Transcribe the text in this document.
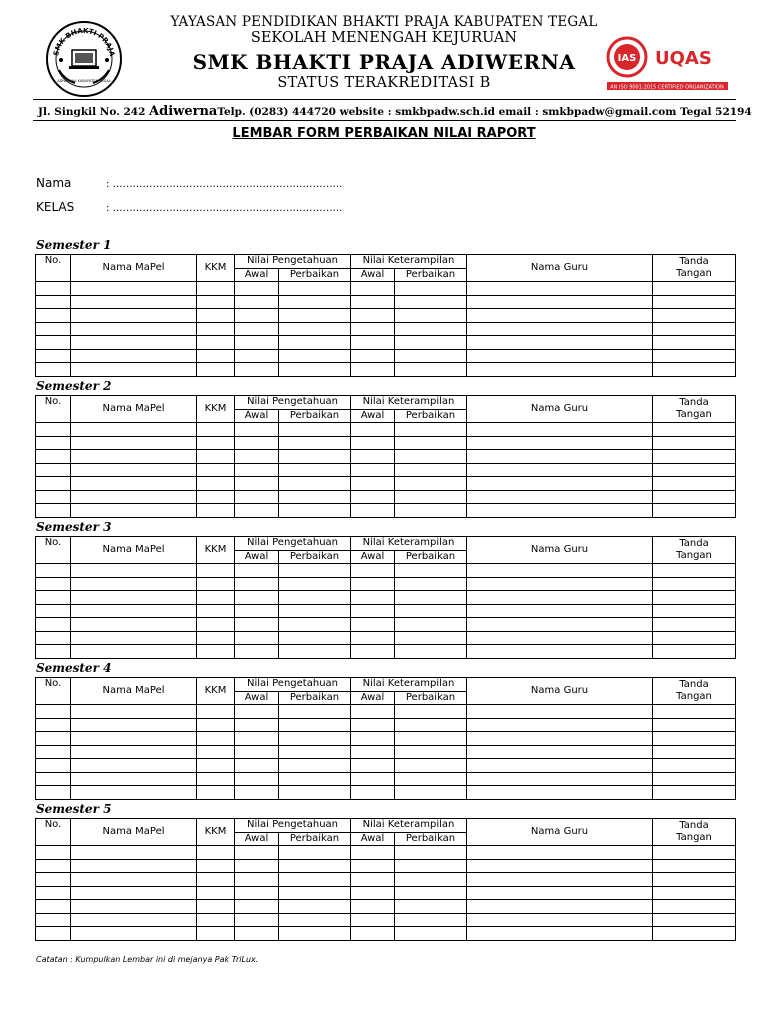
SMK BHAKTI PRAJA
ADIWERNA KABUPATEN TEGAL
YAYASAN PENDIDIKAN BHAKTI PRAJA KABUPATEN TEGAL
SEKOLAH MENENGAH KEJURUAN
SMK BHAKTI PRAJA ADIWERNA
STATUS TERAKREDITASI B
IAS UQAS
AN ISO 9001:2015 CERTIFIED ORGANIZATION
Jl. Singkil No. 242 AdiwernaTelp. (0283) 444720 website : smkbpadw.sch.id email : smkbpadw@gmail.com Tegal 52194
LEMBAR FORM PERBAIKAN NILAI RAPORT
Nama	: ……………………………………………………………
KELAS	: ……………………………………………………………
Semester 1
No.	Nama MaPel	KKM	Nilai Pengetahuan		Nilai Keterampilan		Nama Guru	Tanda
Tangan
			Awal	Perbaikan	Awal	Perbaikan		

Semester 2
No.	Nama MaPel	KKM	Nilai Pengetahuan		Nilai Keterampilan		Nama Guru	Tanda
Tangan
			Awal	Perbaikan	Awal	Perbaikan		

Semester 3
No.	Nama MaPel	KKM	Nilai Pengetahuan		Nilai Keterampilan		Nama Guru	Tanda
Tangan
			Awal	Perbaikan	Awal	Perbaikan		

Semester 4
No.	Nama MaPel	KKM	Nilai Pengetahuan		Nilai Keterampilan		Nama Guru	Tanda
Tangan
			Awal	Perbaikan	Awal	Perbaikan		

Semester 5
No.	Nama MaPel	KKM	Nilai Pengetahuan		Nilai Keterampilan		Nama Guru	Tanda
Tangan
			Awal	Perbaikan	Awal	Perbaikan		

Catatan : Kumpulkan Lembar ini di mejanya Pak TriLux.
